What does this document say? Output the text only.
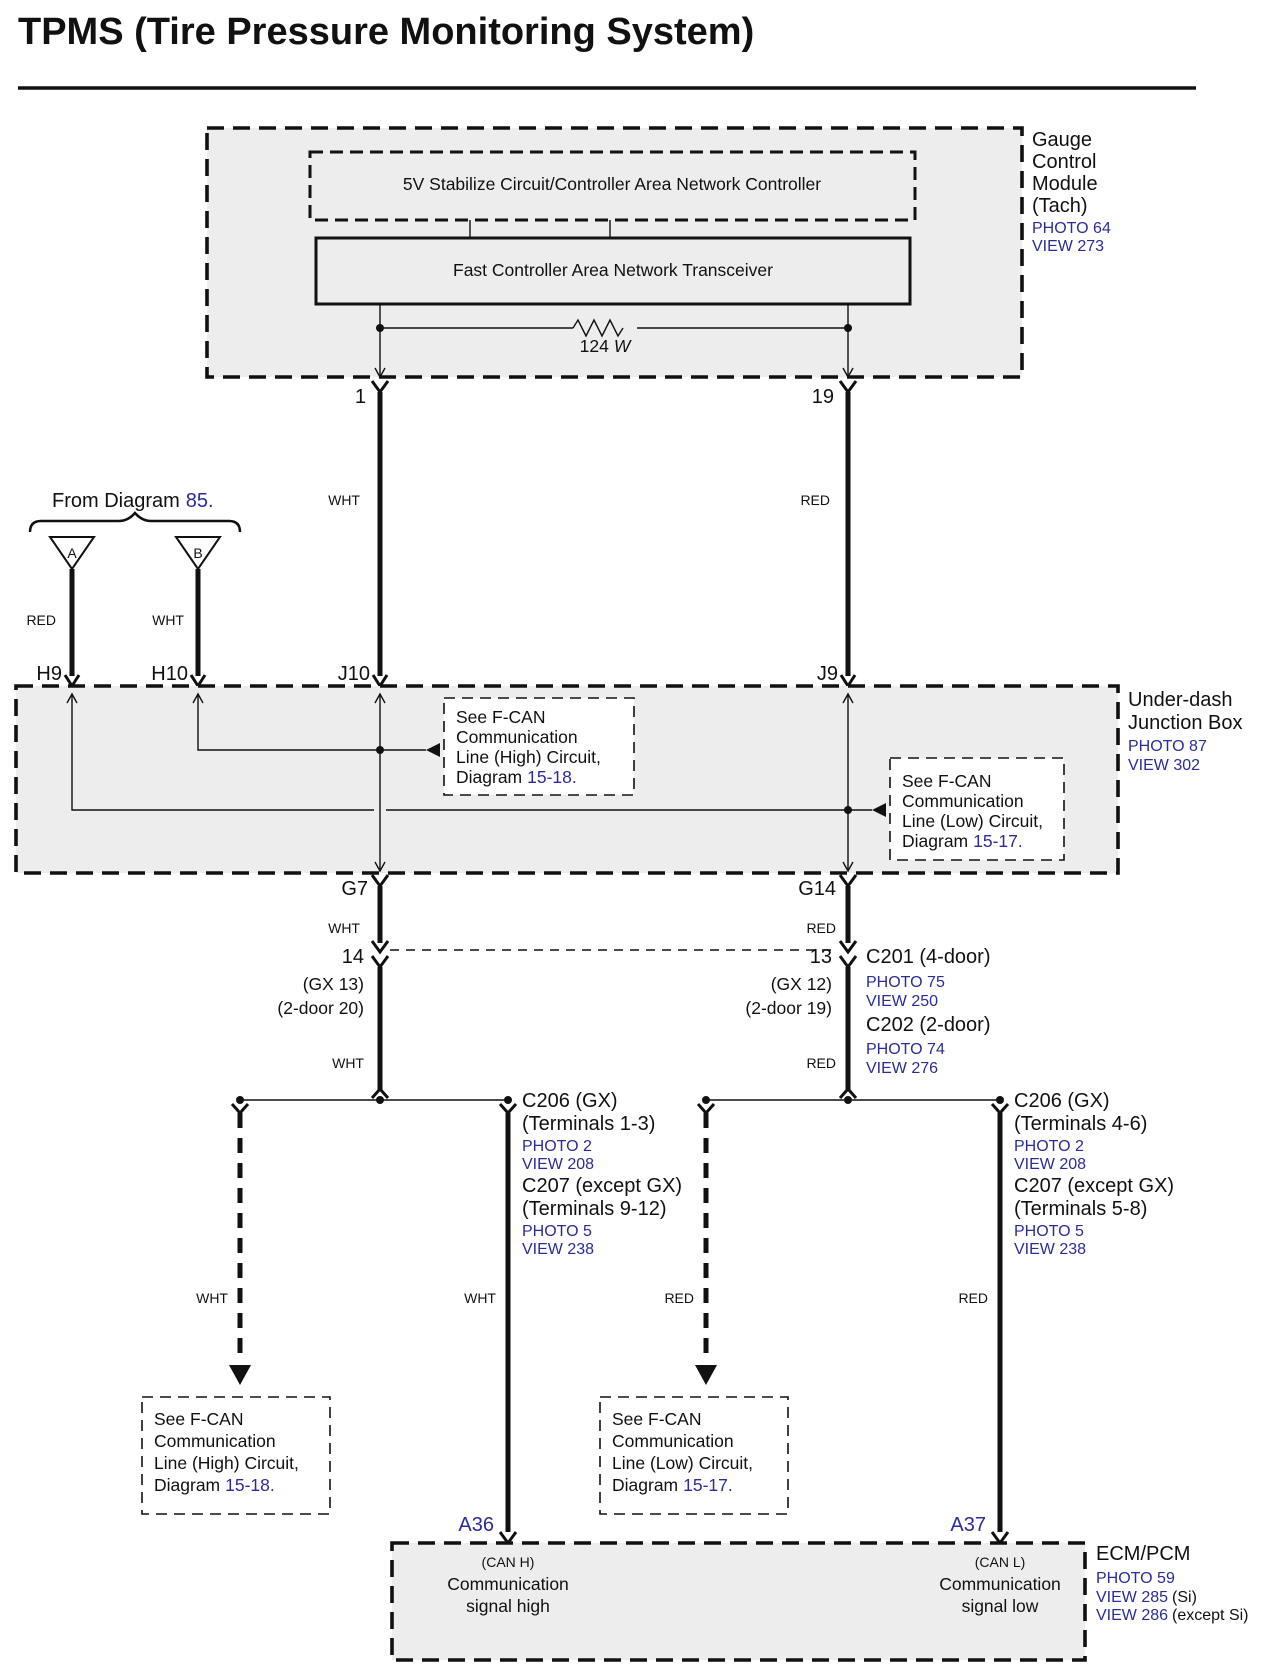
TPMS (Tire Pressure Monitoring System)
5V Stabilize Circuit/Controller Area Network Controller
Fast Controller Area Network Transceiver
124 W
Gauge
Control
Module
(Tach)
PHOTO 64
VIEW 273
1	19
WHT	RED
From Diagram 85.
A	B
RED	WHT
H9	H10	J10	J9
See F-CAN
Communication
Line (High) Circuit,
Diagram 15-18.	See F-CAN
Communication
Line (Low) Circuit,
Diagram 15-17.
Under-dash
Junction Box
PHOTO 87
VIEW 302
G7	G14
WHT	RED
14
(GX 13)
(2-door 20)
13
(GX 12)
(2-door 19)
C201 (4-door)
PHOTO 75
VIEW 250
C202 (2-door)
PHOTO 74
VIEW 276
WHT	RED
C206 (GX)
(Terminals 1-3)
PHOTO 2
VIEW 208
C207 (except GX)
(Terminals 9-12)
PHOTO 5
VIEW 238
C206 (GX)
(Terminals 4-6)
PHOTO 2
VIEW 208
C207 (except GX)
(Terminals 5-8)
PHOTO 5
VIEW 238
WHT	WHT	RED	RED
See F-CAN
Communication
Line (High) Circuit,
Diagram 15-18.
See F-CAN
Communication
Line (Low) Circuit,
Diagram 15-17.
A36	A37
(CAN H)
Communication
signal high
(CAN L)
Communication
signal low
ECM/PCM
PHOTO 59
VIEW 285 (Si)
VIEW 286 (except Si)
